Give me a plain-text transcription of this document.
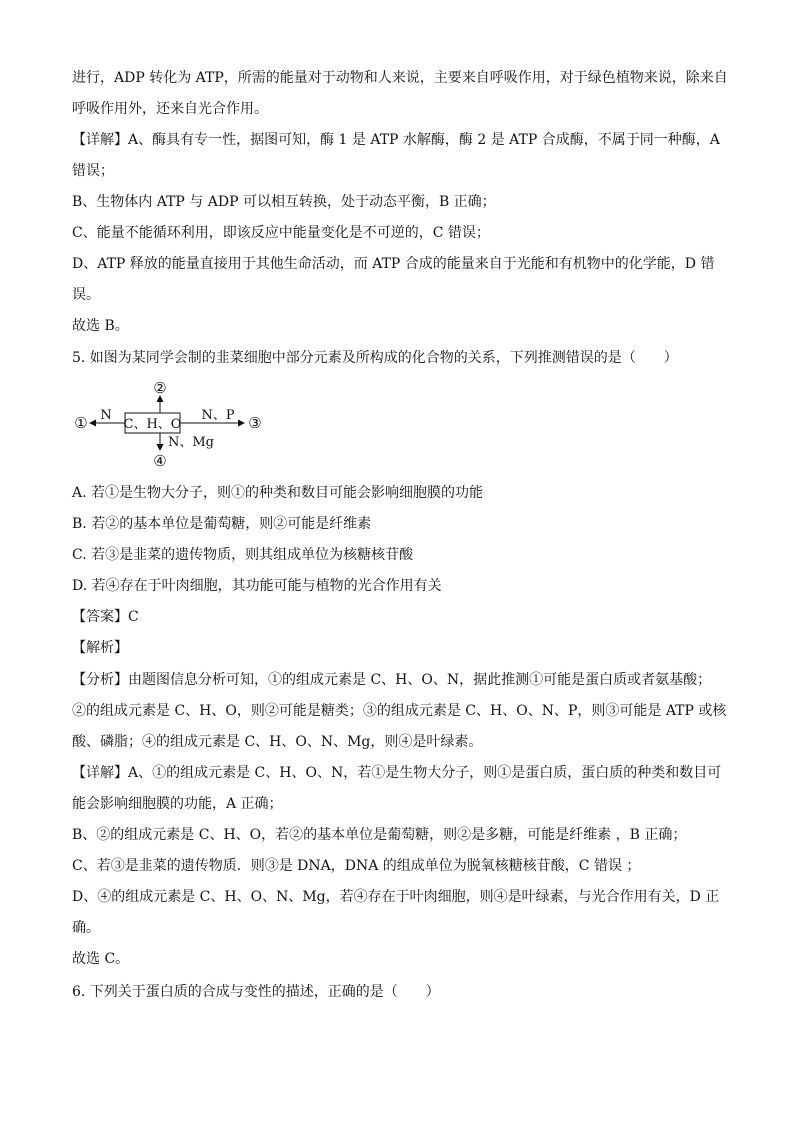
进行，ADP 转化为 ATP，所需的能量对于动物和人来说，主要来自呼吸作用，对于绿色植物来说，除来自
呼吸作用外，还来自光合作用。
【详解】A、酶具有专一性，据图可知，酶 1 是 ATP 水解酶，酶 2 是 ATP 合成酶，不属于同一种酶，A
错误；
B、生物体内 ATP 与 ADP 可以相互转换，处于动态平衡，B 正确；
C、能量不能循环利用，即该反应中能量变化是不可逆的，C 错误；
D、ATP 释放的能量直接用于其他生命活动，而 ATP 合成的能量来自于光能和有机物中的化学能，D 错
误。
故选 B。
5. 如图为某同学会制的韭菜细胞中部分元素及所构成的化合物的关系，下列推测错误的是（　　）
C、H、O
N
①
②
N、P ③
N、Mg
④
A. 若①是生物大分子，则①的种类和数目可能会影响细胞膜的功能
B. 若②的基本单位是葡萄糖，则②可能是纤维素
C. 若③是韭菜的遗传物质，则其组成单位为核糖核苷酸
D. 若④存在于叶肉细胞，其功能可能与植物的光合作用有关
【答案】C
【解析】
【分析】由题图信息分析可知，①的组成元素是 C、H、O、N，据此推测①可能是蛋白质或者氨基酸；
②的组成元素是 C、H、O，则②可能是糖类；③的组成元素是 C、H、O、N、P，则③可能是 ATP 或核
酸、磷脂；④的组成元素是 C、H、O、N、Mg，则④是叶绿素。
【详解】A、①的组成元素是 C、H、O、N，若①是生物大分子，则①是蛋白质，蛋白质的种类和数目可
能会影响细胞膜的功能，A 正确；
B、②的组成元素是 C、H、O，若②的基本单位是葡萄糖，则②是多糖，可能是纤维素 ，B 正确；
C、若③是韭菜的遗传物质．则③是 DNA，DNA 的组成单位为脱氧核糖核苷酸，C 错误 ；
D、④的组成元素是 C、H、O、N、Mg，若④存在于叶肉细胞，则④是叶绿素，与光合作用有关，D 正
确。
故选 C。
6. 下列关于蛋白质的合成与变性的描述，正确的是（　　）
